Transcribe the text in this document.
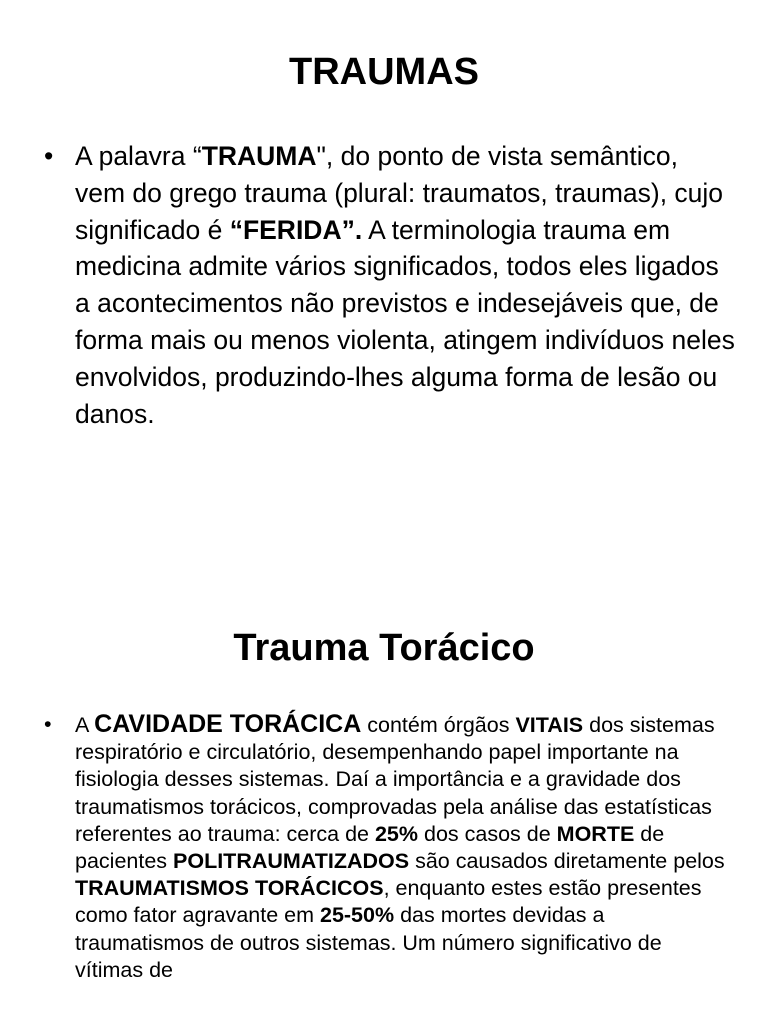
TRAUMAS
• A palavra “TRAUMA", do ponto de vista semântico, vem do grego trauma (plural: traumatos, traumas), cujo significado é “FERIDA”. A terminologia trauma em medicina admite vários significados, todos eles ligados a acontecimentos não previstos e indesejáveis que, de forma mais ou menos violenta, atingem indivíduos neles envolvidos, produzindo-lhes alguma forma de lesão ou danos.
Trauma Torácico
• A CAVIDADE TORÁCICA contém órgãos VITAIS dos sistemas respiratório e circulatório, desempenhando papel importante na fisiologia desses sistemas. Daí a importância e a gravidade dos traumatismos torácicos, comprovadas pela análise das estatísticas referentes ao trauma: cerca de 25% dos casos de MORTE de pacientes POLITRAUMATIZADOS são causados diretamente pelos TRAUMATISMOS TORÁCICOS, enquanto estes estão presentes como fator agravante em 25-50% das mortes devidas a traumatismos de outros sistemas. Um número significativo de vítimas de
